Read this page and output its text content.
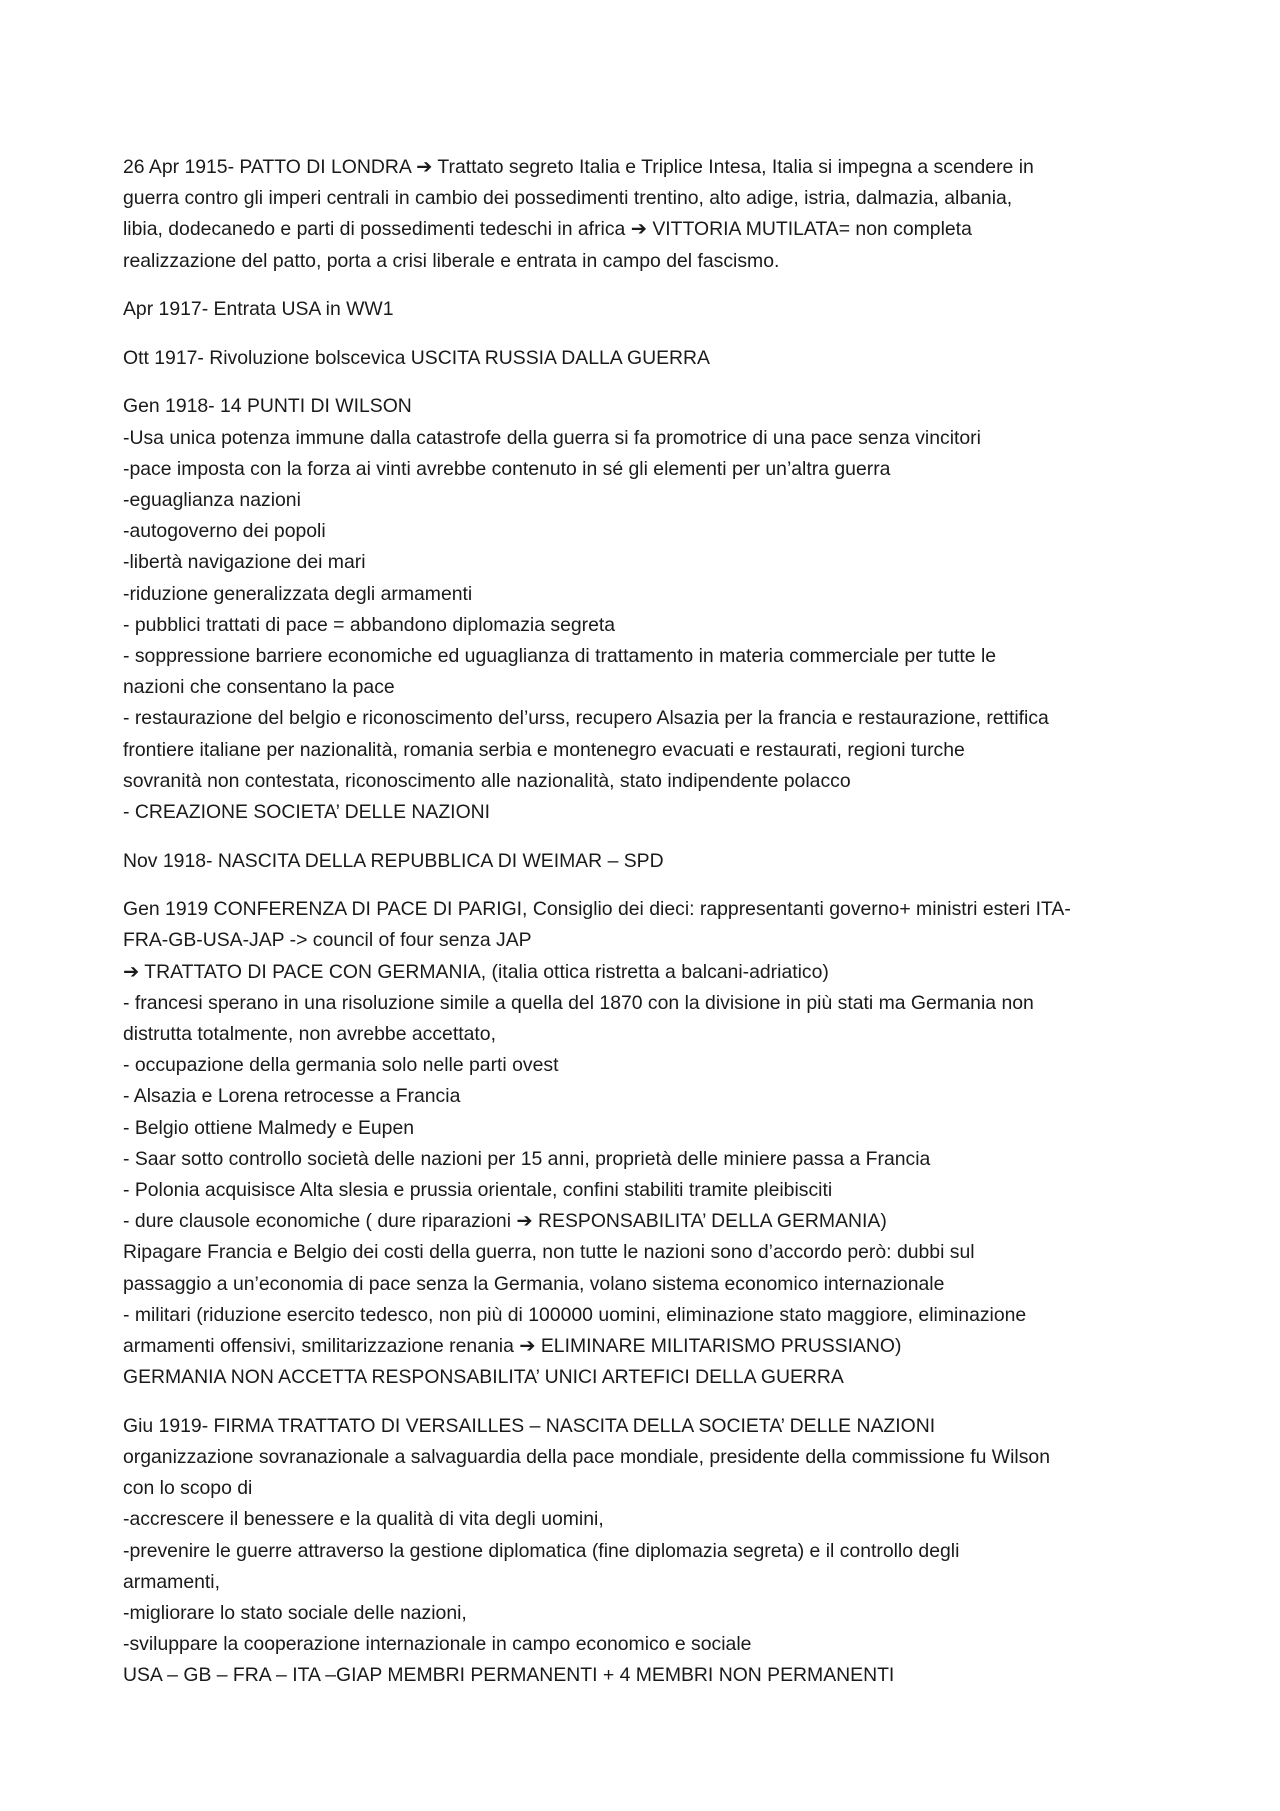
26 Apr 1915- PATTO DI LONDRA ➔ Trattato segreto Italia e Triplice Intesa, Italia si impegna a scendere in
guerra contro gli imperi centrali in cambio dei possedimenti trentino, alto adige, istria, dalmazia, albania,
libia, dodecanedo e parti di possedimenti tedeschi in africa ➔ VITTORIA MUTILATA= non completa
realizzazione del patto, porta a crisi liberale e entrata in campo del fascismo.
Apr 1917- Entrata USA in WW1
Ott 1917- Rivoluzione bolscevica USCITA RUSSIA DALLA GUERRA
Gen 1918- 14 PUNTI DI WILSON
-Usa unica potenza immune dalla catastrofe della guerra si fa promotrice di una pace senza vincitori
-pace imposta con la forza ai vinti avrebbe contenuto in sé gli elementi per un’altra guerra
-eguaglianza nazioni
-autogoverno dei popoli
-libertà navigazione dei mari
-riduzione generalizzata degli armamenti
- pubblici trattati di pace = abbandono diplomazia segreta
- soppressione barriere economiche ed uguaglianza di trattamento in materia commerciale per tutte le
nazioni che consentano la pace
- restaurazione del belgio e riconoscimento del’urss, recupero Alsazia per la francia e restaurazione, rettifica
frontiere italiane per nazionalità, romania serbia e montenegro evacuati e restaurati, regioni turche
sovranità non contestata, riconoscimento alle nazionalità, stato indipendente polacco
- CREAZIONE SOCIETA’ DELLE NAZIONI
Nov 1918- NASCITA DELLA REPUBBLICA DI WEIMAR – SPD
Gen 1919 CONFERENZA DI PACE DI PARIGI, Consiglio dei dieci: rappresentanti governo+ ministri esteri ITA-
FRA-GB-USA-JAP -> council of four senza JAP
➔ TRATTATO DI PACE CON GERMANIA, (italia ottica ristretta a balcani-adriatico)
- francesi sperano in una risoluzione simile a quella del 1870 con la divisione in più stati ma Germania non
distrutta totalmente, non avrebbe accettato,
- occupazione della germania solo nelle parti ovest
- Alsazia e Lorena retrocesse a Francia
- Belgio ottiene Malmedy e Eupen
- Saar sotto controllo società delle nazioni per 15 anni, proprietà delle miniere passa a Francia
- Polonia acquisisce Alta slesia e prussia orientale, confini stabiliti tramite pleibisciti
- dure clausole economiche ( dure riparazioni ➔ RESPONSABILITA’ DELLA GERMANIA)
Ripagare Francia e Belgio dei costi della guerra, non tutte le nazioni sono d’accordo però: dubbi sul
passaggio a un’economia di pace senza la Germania, volano sistema economico internazionale
- militari (riduzione esercito tedesco, non più di 100000 uomini, eliminazione stato maggiore, eliminazione
armamenti offensivi, smilitarizzazione renania ➔ ELIMINARE MILITARISMO PRUSSIANO)
GERMANIA NON ACCETTA RESPONSABILITA’ UNICI ARTEFICI DELLA GUERRA
Giu 1919- FIRMA TRATTATO DI VERSAILLES – NASCITA DELLA SOCIETA’ DELLE NAZIONI
organizzazione sovranazionale a salvaguardia della pace mondiale, presidente della commissione fu Wilson
con lo scopo di
-accrescere il benessere e la qualità di vita degli uomini,
-prevenire le guerre attraverso la gestione diplomatica (fine diplomazia segreta) e il controllo degli
armamenti,
-migliorare lo stato sociale delle nazioni,
-sviluppare la cooperazione internazionale in campo economico e sociale
USA – GB – FRA – ITA –GIAP MEMBRI PERMANENTI + 4 MEMBRI NON PERMANENTI
